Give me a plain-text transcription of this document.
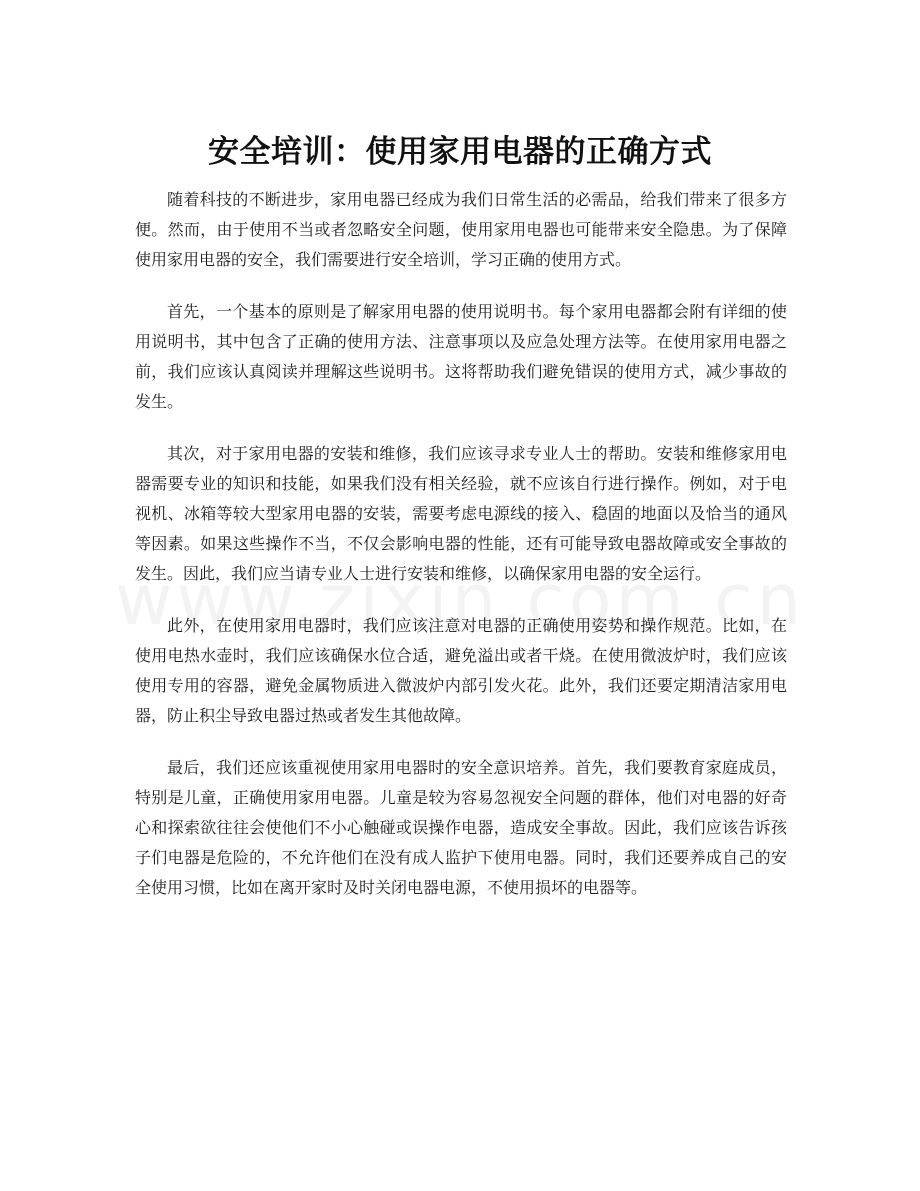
安全培训：使用家用电器的正确方式

随着科技的不断进步，家用电器已经成为我们日常生活的必需品，给我们带来了很多方便。然而，由于使用不当或者忽略安全问题，使用家用电器也可能带来安全隐患。为了保障使用家用电器的安全，我们需要进行安全培训，学习正确的使用方式。

首先，一个基本的原则是了解家用电器的使用说明书。每个家用电器都会附有详细的使用说明书，其中包含了正确的使用方法、注意事项以及应急处理方法等。在使用家用电器之前，我们应该认真阅读并理解这些说明书。这将帮助我们避免错误的使用方式，减少事故的发生。

其次，对于家用电器的安装和维修，我们应该寻求专业人士的帮助。安装和维修家用电器需要专业的知识和技能，如果我们没有相关经验，就不应该自行进行操作。例如，对于电视机、冰箱等较大型家用电器的安装，需要考虑电源线的接入、稳固的地面以及恰当的通风等因素。如果这些操作不当，不仅会影响电器的性能，还有可能导致电器故障或安全事故的发生。因此，我们应当请专业人士进行安装和维修，以确保家用电器的安全运行。

此外，在使用家用电器时，我们应该注意对电器的正确使用姿势和操作规范。比如，在使用电热水壶时，我们应该确保水位合适，避免溢出或者干烧。在使用微波炉时，我们应该使用专用的容器，避免金属物质进入微波炉内部引发火花。此外，我们还要定期清洁家用电器，防止积尘导致电器过热或者发生其他故障。

最后，我们还应该重视使用家用电器时的安全意识培养。首先，我们要教育家庭成员，特别是儿童，正确使用家用电器。儿童是较为容易忽视安全问题的群体，他们对电器的好奇心和探索欲往往会使他们不小心触碰或误操作电器，造成安全事故。因此，我们应该告诉孩子们电器是危险的，不允许他们在没有成人监护下使用电器。同时，我们还要养成自己的安全使用习惯，比如在离开家时及时关闭电器电源，不使用损坏的电器等。
